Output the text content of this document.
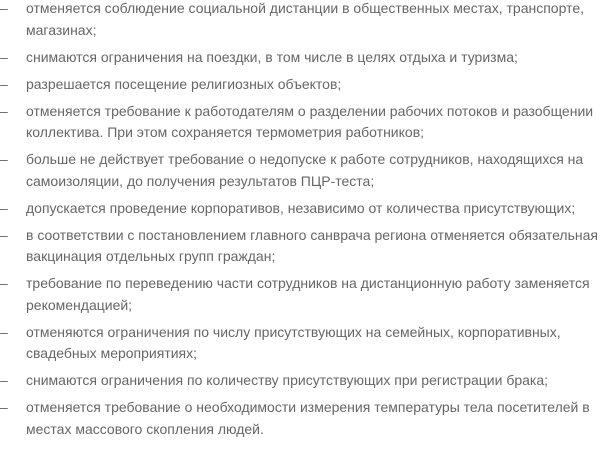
– отменяется соблюдение социальной дистанции в общественных местах, транспорте, магазинах;
– снимаются ограничения на поездки, в том числе в целях отдыха и туризма;
– разрешается посещение религиозных объектов;
– отменяется требование к работодателям о разделении рабочих потоков и разобщении коллектива. При этом сохраняется термометрия работников;
– больше не действует требование о недопуске к работе сотрудников, находящихся на самоизоляции, до получения результатов ПЦР-теста;
– допускается проведение корпоративов, независимо от количества присутствующих;
– в соответствии с постановлением главного санврача региона отменяется обязательная вакцинация отдельных групп граждан;
– требование по переведению части сотрудников на дистанционную работу заменяется рекомендацией;
– отменяются ограничения по числу присутствующих на семейных, корпоративных, свадебных мероприятиях;
– снимаются ограничения по количеству присутствующих при регистрации брака;
– отменяется требование о необходимости измерения температуры тела посетителей в местах массового скопления людей.
